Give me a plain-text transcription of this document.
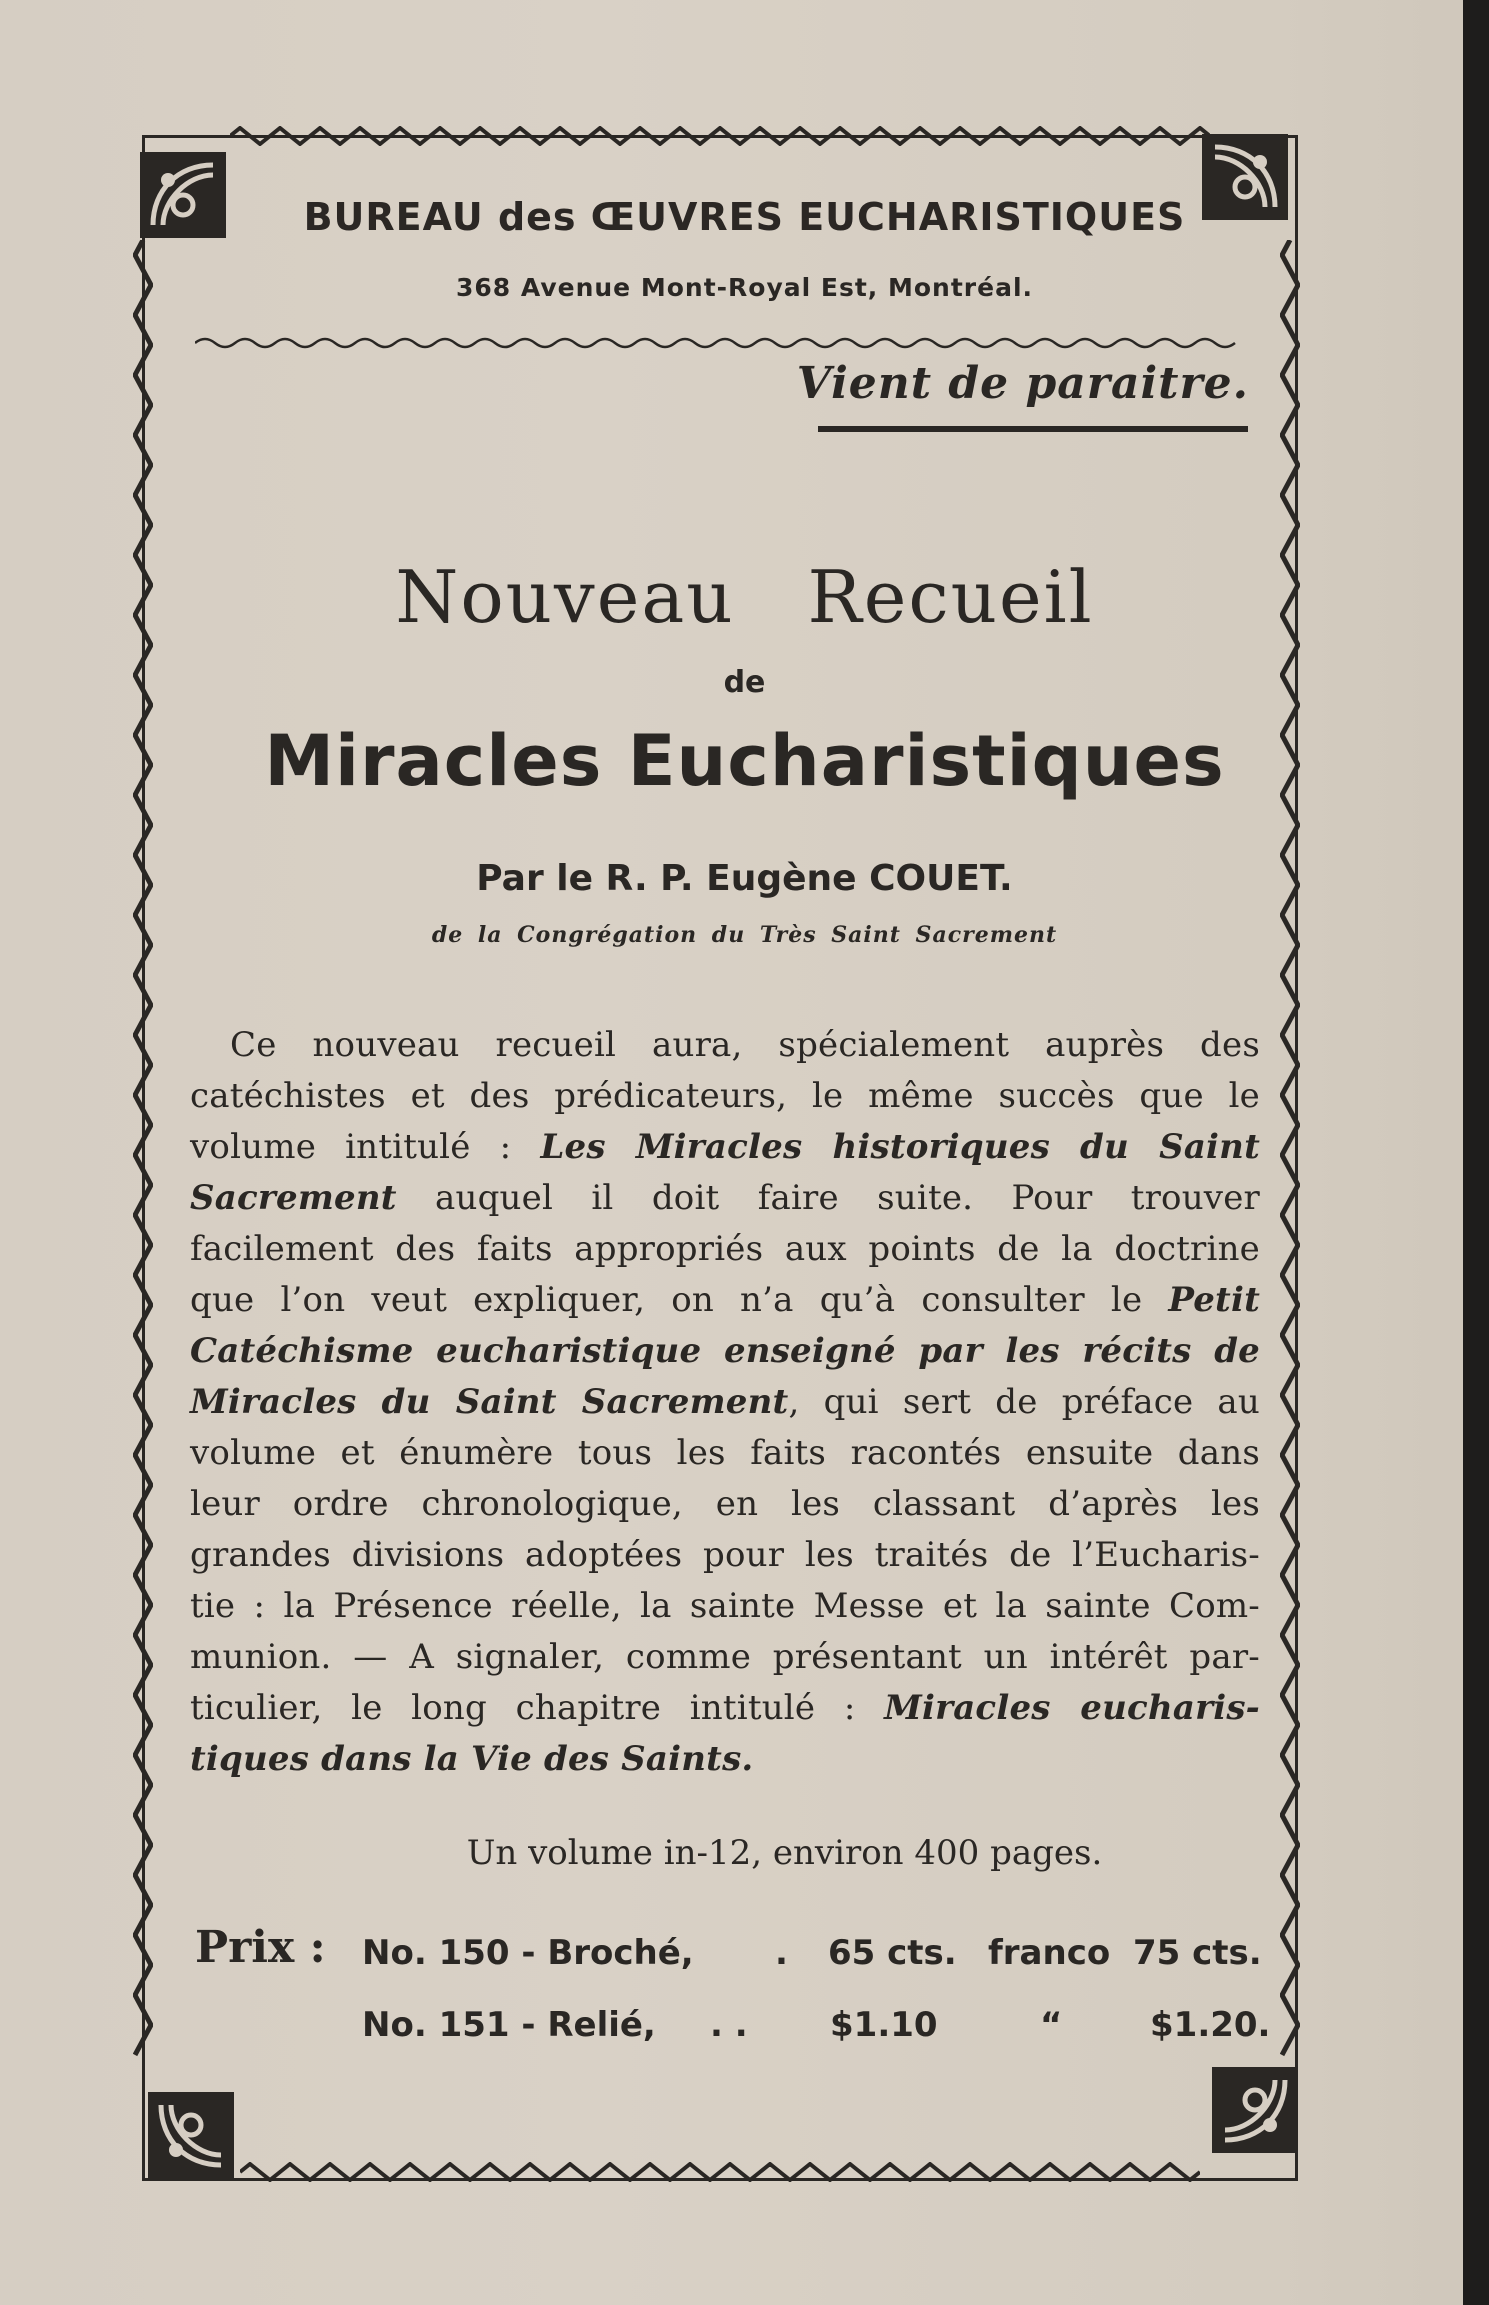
BUREAU des ŒUVRES EUCHARISTIQUES
368 Avenue Mont-Royal Est, Montréal.
Vient de paraitre.
Nouveau Recueil
de
Miracles Eucharistiques
Par le R. P. Eugène COUET.
de la Congrégation du Très Saint Sacrement
Ce nouveau recueil aura, spécialement auprès des
catéchistes et des prédicateurs, le même succès que le
volume intitulé : Les Miracles historiques du Saint
Sacrement auquel il doit faire suite. Pour trouver
facilement des faits appropriés aux points de la doctrine
que l’on veut expliquer, on n’a qu’à consulter le Petit
Catéchisme eucharistique enseigné par les récits de
Miracles du Saint Sacrement, qui sert de préface au
volume et énumère tous les faits racontés ensuite dans
leur ordre chronologique, en les classant d’après les
grandes divisions adoptées pour les traités de l’Eucharis-
tie : la Présence réelle, la sainte Messe et la sainte Com-
munion. — A signaler, comme présentant un intérêt par-
ticulier, le long chapitre intitulé : Miracles eucharis-
tiques dans la Vie des Saints.
Un volume in-12, environ 400 pages.
Prix : No. 150 - Broché, . 65 cts. franco 75 cts.
No. 151 - Relié, . . $1.10	“	$1.20.
